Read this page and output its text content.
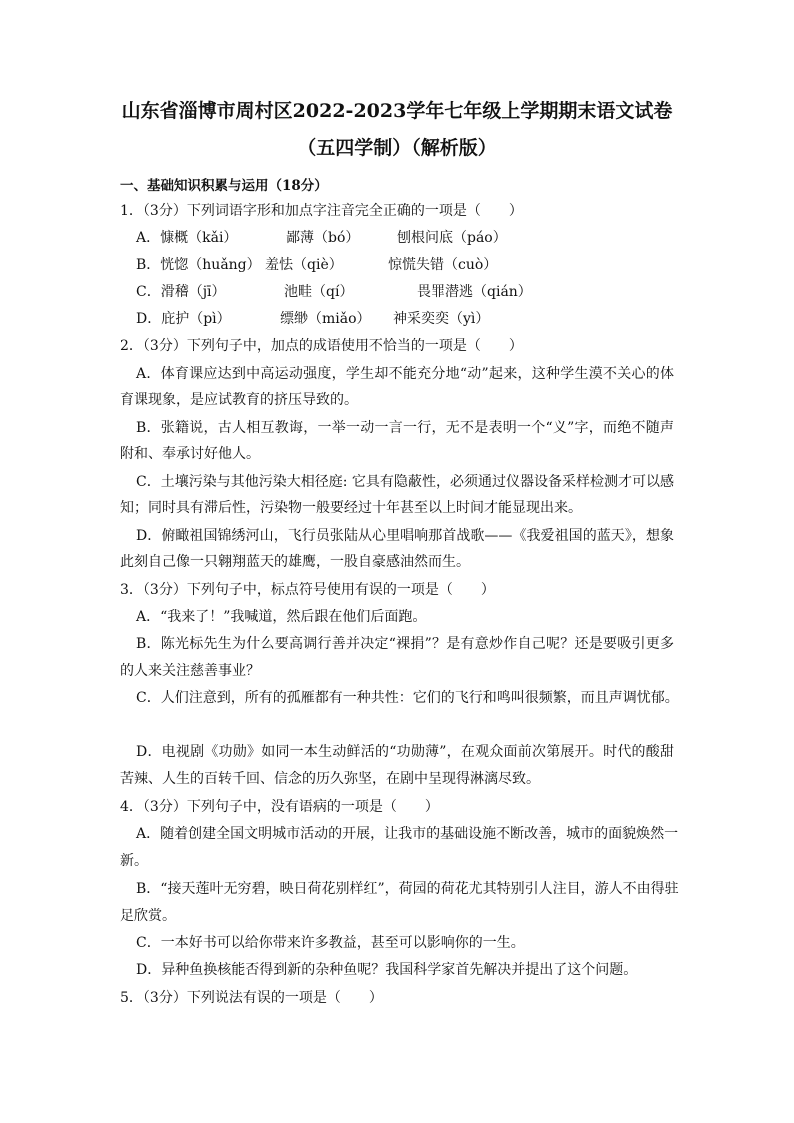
山东省淄博市周村区2022-2023学年七年级上学期期末语文试卷
（五四学制）（解析版）
一、基础知识积累与运用（18分）
1．（3分）下列词语字形和加点字注音完全正确的一项是（　　）
A．慷概（kǎi）	鄙薄（bó）	刨根问底（páo）
B．恍惚（huǎng） 羞怯（qiè）	惊慌失错（cuò）
C．滑稽（jī）	池畦（qí）	畏罪潜逃（qián）
D．庇护（pì）	缥缈（miǎo） 神采奕奕（yì）
2．（3分）下列句子中，加点的成语使用不恰当的一项是（　　）
A．体育课应达到中高运动强度，学生却不能充分地“动”起来，这种学生漠不关心的体
育课现象，是应试教育的挤压导致的。
B．张籍说，古人相互教诲，一举一动一言一行，无不是表明一个“义”字，而绝不随声
附和、奉承讨好他人。
C．土壤污染与其他污染大相径庭: 它具有隐蔽性，必须通过仪器设备采样检测才可以感
知；同时具有滞后性，污染物一般要经过十年甚至以上时间才能显现出来。
D．俯瞰祖国锦绣河山，飞行员张陆从心里唱响那首战歌——《我爱祖国的蓝天》，想象
此刻自己像一只翱翔蓝天的雄鹰，一股自豪感油然而生。
3．（3分）下列句子中，标点符号使用有误的一项是（　　）
A．“我来了！”我喊道，然后跟在他们后面跑。
B．陈光标先生为什么要高调行善并决定“裸捐”？是有意炒作自己呢？还是要吸引更多
的人来关注慈善事业？
C．人们注意到，所有的孤雁都有一种共性：它们的飞行和鸣叫很频繁，而且声调忧郁。
D．电视剧《功勋》如同一本生动鲜活的“功勋薄”，在观众面前次第展开。时代的酸甜
苦辣、人生的百转千回、信念的历久弥坚，在剧中呈现得淋漓尽致。
4．（3分）下列句子中，没有语病的一项是（　　）
A．随着创建全国文明城市活动的开展，让我市的基础设施不断改善，城市的面貌焕然一
新。
B．“接天莲叶无穷碧，映日荷花别样红”，荷园的荷花尤其特别引人注目，游人不由得驻
足欣赏。
C．一本好书可以给你带来许多教益，甚至可以影响你的一生。
D．异种鱼换核能否得到新的杂种鱼呢？我国科学家首先解决并提出了这个问题。
5．（3分）下列说法有误的一项是（　　）
